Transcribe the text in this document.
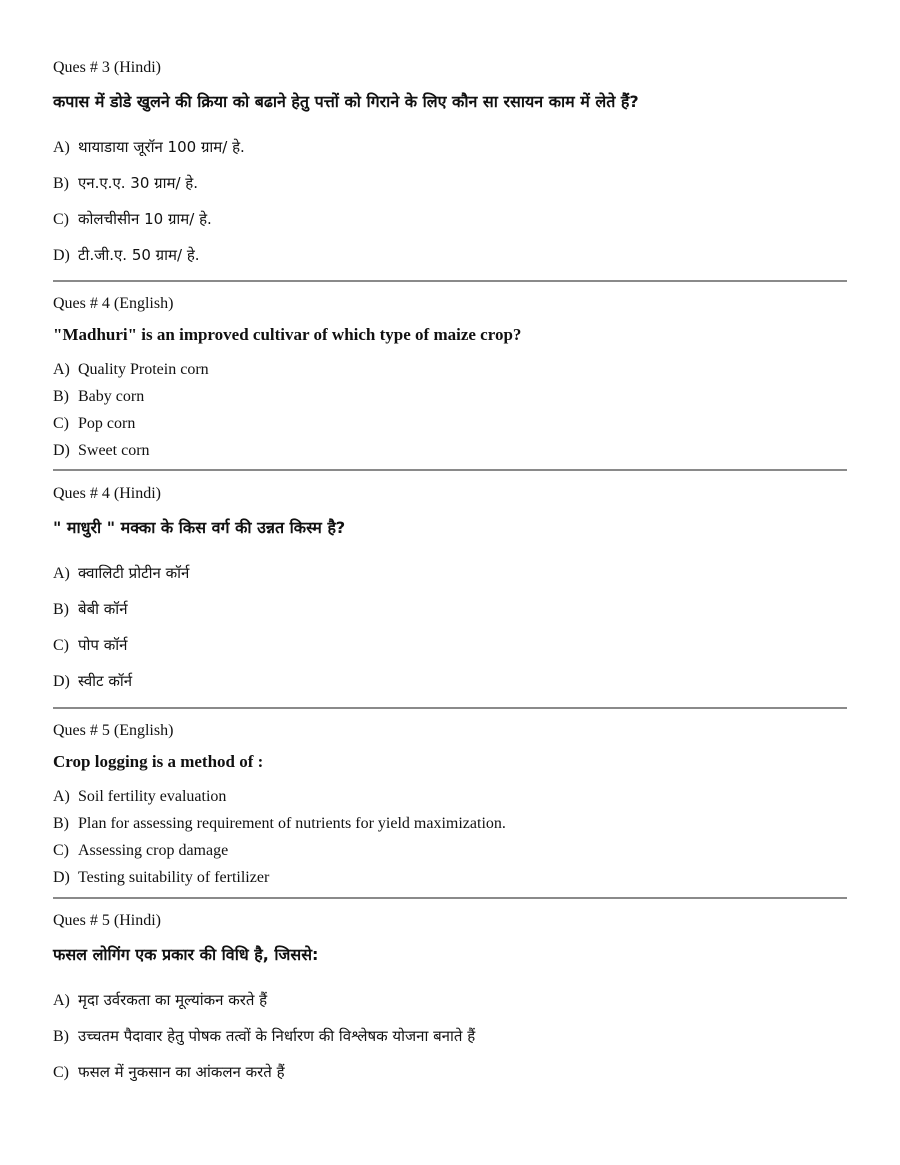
Ques # 3 (Hindi)
कपास में डोडे खुलने की क्रिया को बढाने हेतु पत्तों को गिराने के लिए कौन सा रसायन काम में लेते हैं?
A) थायाडाया जूरॉन 100 ग्राम/ हे.
B) एन.ए.ए. 30 ग्राम/ हे.
C) कोलचीसीन 10 ग्राम/ हे.
D) टी.जी.ए. 50 ग्राम/ हे.
Ques # 4 (English)
"Madhuri" is an improved cultivar of which type of maize crop?
A) Quality Protein corn
B) Baby corn
C) Pop corn
D) Sweet corn
Ques # 4 (Hindi)
" माधुरी " मक्का के किस वर्ग की उन्नत किस्म है?
A) क्वालिटी प्रोटीन कॉर्न
B) बेबी कॉर्न
C) पोप कॉर्न
D) स्वीट कॉर्न
Ques # 5 (English)
Crop logging is a method of :
A) Soil fertility evaluation
B) Plan for assessing requirement of nutrients for yield maximization.
C) Assessing crop damage
D) Testing suitability of fertilizer
Ques # 5 (Hindi)
फसल लोगिंग एक प्रकार की विधि है, जिससे:
A) मृदा उर्वरकता का मूल्यांकन करते हैं
B) उच्चतम पैदावार हेतु पोषक तत्वों के निर्धारण की विश्लेषक योजना बनाते हैं
C) फसल में नुकसान का आंकलन करते हैं
